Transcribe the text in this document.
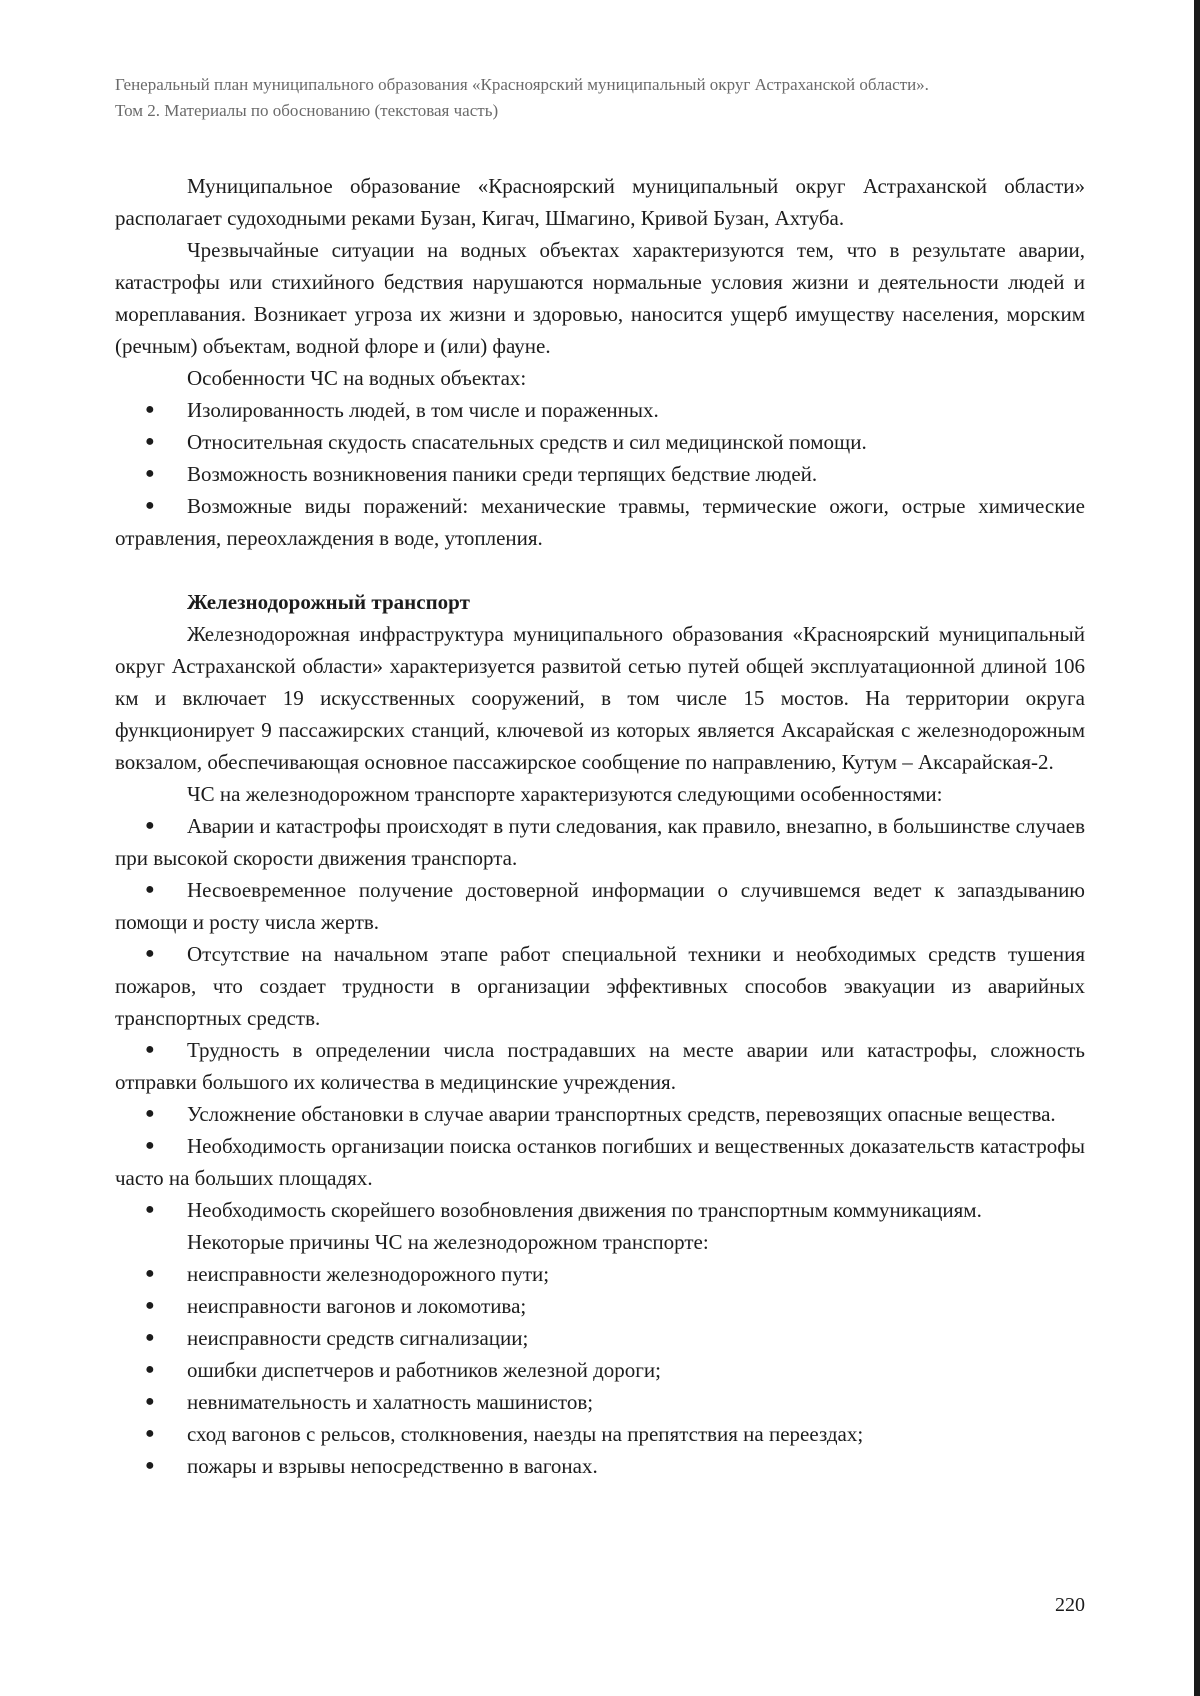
Генеральный план муниципального образования «Красноярский муниципальный округ Астраханской области».
Том 2. Материалы по обоснованию (текстовая часть)

Муниципальное образование «Красноярский муниципальный округ Астраханской области» располагает судоходными реками Бузан, Кигач, Шмагино, Кривой Бузан, Ахтуба.

Чрезвычайные ситуации на водных объектах характеризуются тем, что в результате аварии, катастрофы или стихийного бедствия нарушаются нормальные условия жизни и деятельности людей и мореплавания. Возникает угроза их жизни и здоровью, наносится ущерб имуществу населения, морским (речным) объектам, водной флоре и (или) фауне.

Особенности ЧС на водных объектах:

● Изолированность людей, в том числе и пораженных.

● Относительная скудость спасательных средств и сил медицинской помощи.

● Возможность возникновения паники среди терпящих бедствие людей.

● Возможные виды поражений: механические травмы, термические ожоги, острые химические отравления, переохлаждения в воде, утопления.

Железнодорожный транспорт

Железнодорожная инфраструктура муниципального образования «Красноярский муниципальный округ Астраханской области» характеризуется развитой сетью путей общей эксплуатационной длиной 106 км и включает 19 искусственных сооружений, в том числе 15 мостов. На территории округа функционирует 9 пассажирских станций, ключевой из которых является Аксарайская с железнодорожным вокзалом, обеспечивающая основное пассажирское сообщение по направлению, Кутум – Аксарайская-2.

ЧС на железнодорожном транспорте характеризуются следующими особенностями:

● Аварии и катастрофы происходят в пути следования, как правило, внезапно, в большинстве случаев при высокой скорости движения транспорта.

● Несвоевременное получение достоверной информации о случившемся ведет к запаздыванию помощи и росту числа жертв.

● Отсутствие на начальном этапе работ специальной техники и необходимых средств тушения пожаров, что создает трудности в организации эффективных способов эвакуации из аварийных транспортных средств.

● Трудность в определении числа пострадавших на месте аварии или катастрофы, сложность отправки большого их количества в медицинские учреждения.

● Усложнение обстановки в случае аварии транспортных средств, перевозящих опасные вещества.

● Необходимость организации поиска останков погибших и вещественных доказательств катастрофы часто на больших площадях.

● Необходимость скорейшего возобновления движения по транспортным коммуникациям.

Некоторые причины ЧС на железнодорожном транспорте:

● неисправности железнодорожного пути;

● неисправности вагонов и локомотива;

● неисправности средств сигнализации;

● ошибки диспетчеров и работников железной дороги;

● невнимательность и халатность машинистов;

● сход вагонов с рельсов, столкновения, наезды на препятствия на переездах;

● пожары и взрывы непосредственно в вагонах.

220
